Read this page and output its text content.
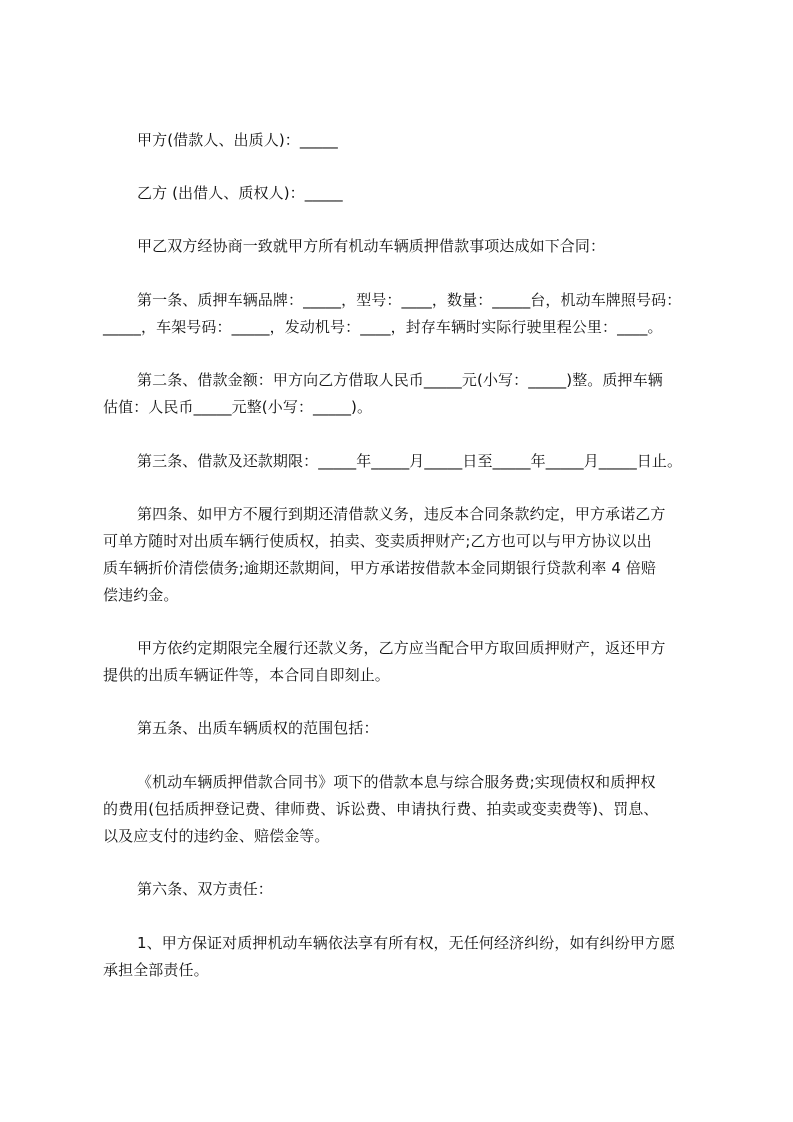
甲方(借款人、出质人)：_____
乙方 (出借人、质权人)：_____
甲乙双方经协商一致就甲方所有机动车辆质押借款事项达成如下合同：
第一条、质押车辆品牌：_____，型号：____，数量：_____台，机动车牌照号码：
_____，车架号码：_____，发动机号：____，封存车辆时实际行驶里程公里：____。
第二条、借款金额：甲方向乙方借取人民币_____元(小写：_____)整。质押车辆
估值：人民币_____元整(小写：_____)。
第三条、借款及还款期限：_____年_____月_____日至_____年_____月_____日止。
第四条、如甲方不履行到期还清借款义务，违反本合同条款约定，甲方承诺乙方
可单方随时对出质车辆行使质权，拍卖、变卖质押财产;乙方也可以与甲方协议以出
质车辆折价清偿债务;逾期还款期间，甲方承诺按借款本金同期银行贷款利率 4 倍赔
偿违约金。
甲方依约定期限完全履行还款义务，乙方应当配合甲方取回质押财产，返还甲方
提供的出质车辆证件等，本合同自即刻止。
第五条、出质车辆质权的范围包括：
《机动车辆质押借款合同书》项下的借款本息与综合服务费;实现债权和质押权
的费用(包括质押登记费、律师费、诉讼费、申请执行费、拍卖或变卖费等)、罚息、
以及应支付的违约金、赔偿金等。
第六条、双方责任：
1、甲方保证对质押机动车辆依法享有所有权，无任何经济纠纷，如有纠纷甲方愿
承担全部责任。
